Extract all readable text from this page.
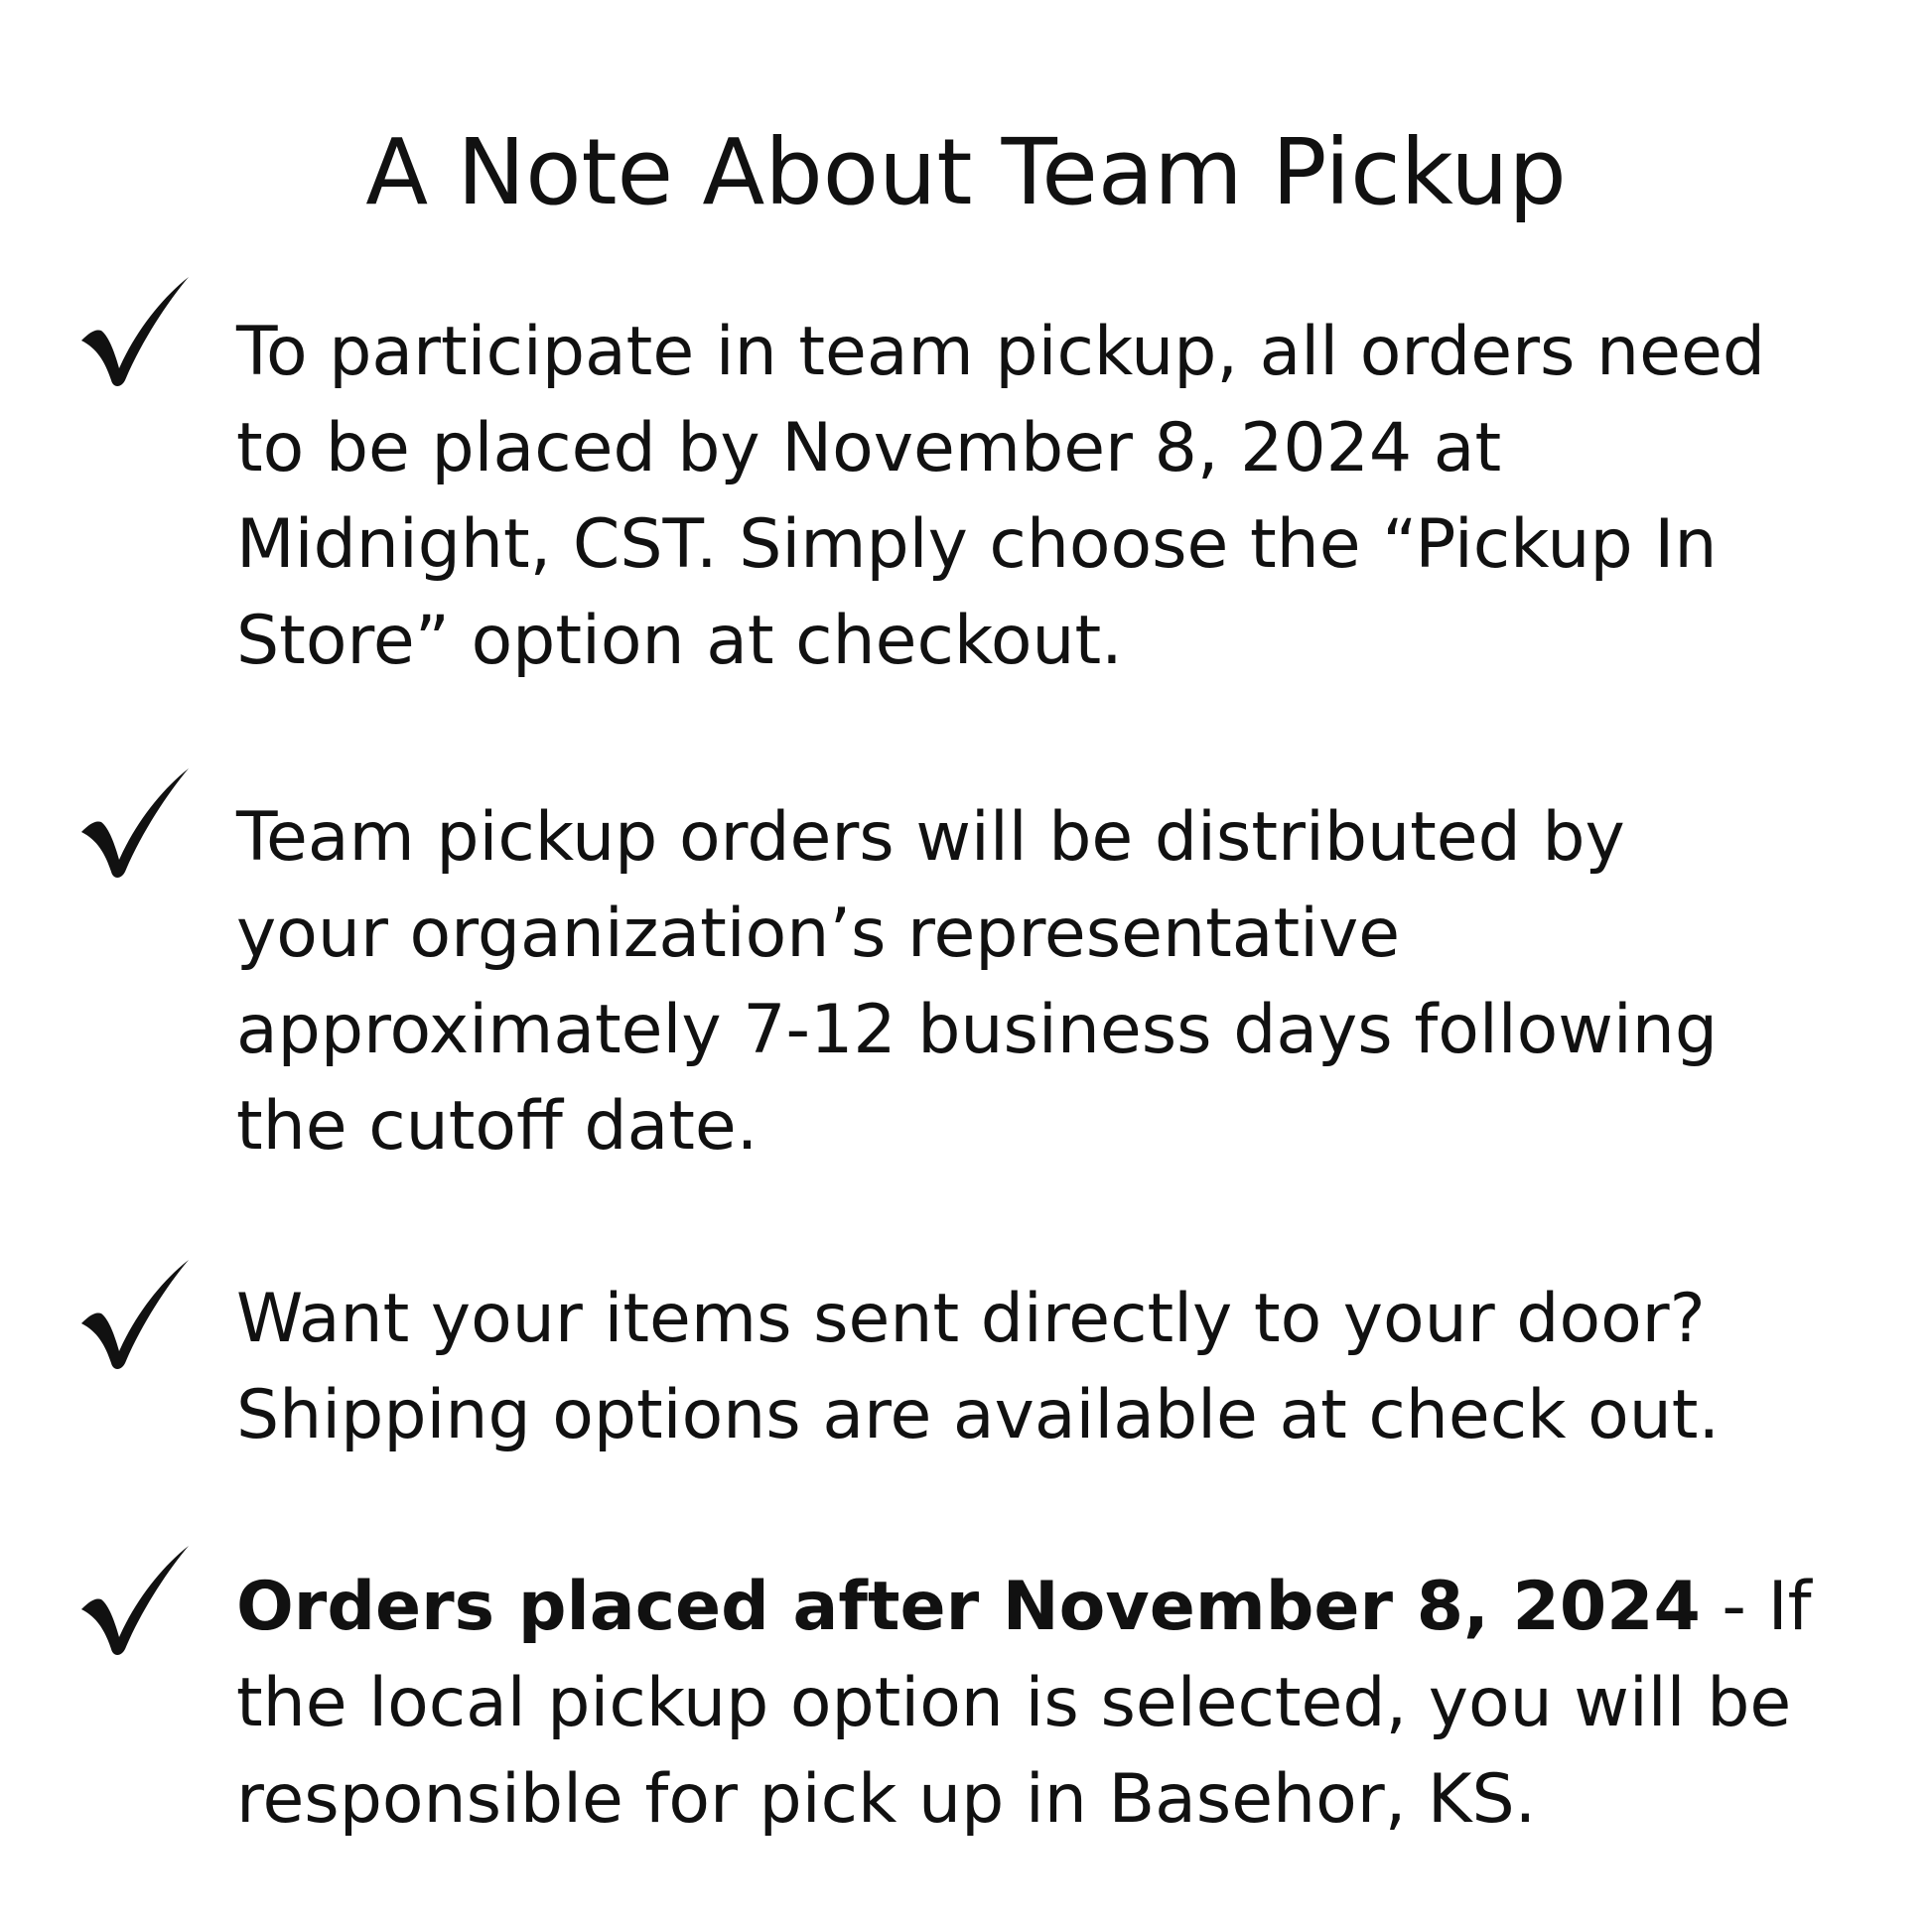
A Note About Team Pickup
To participate in team pickup, all orders need
to be placed by November 8, 2024 at
Midnight, CST. Simply choose the “Pickup In
Store” option at checkout.
Team pickup orders will be distributed by
your organization’s representative
approximately 7-12 business days following
the cutoff date.
Want your items sent directly to your door?
Shipping options are available at check out.
Orders placed after November 8, 2024 - If
the local pickup option is selected, you will be
responsible for pick up in Basehor, KS.
